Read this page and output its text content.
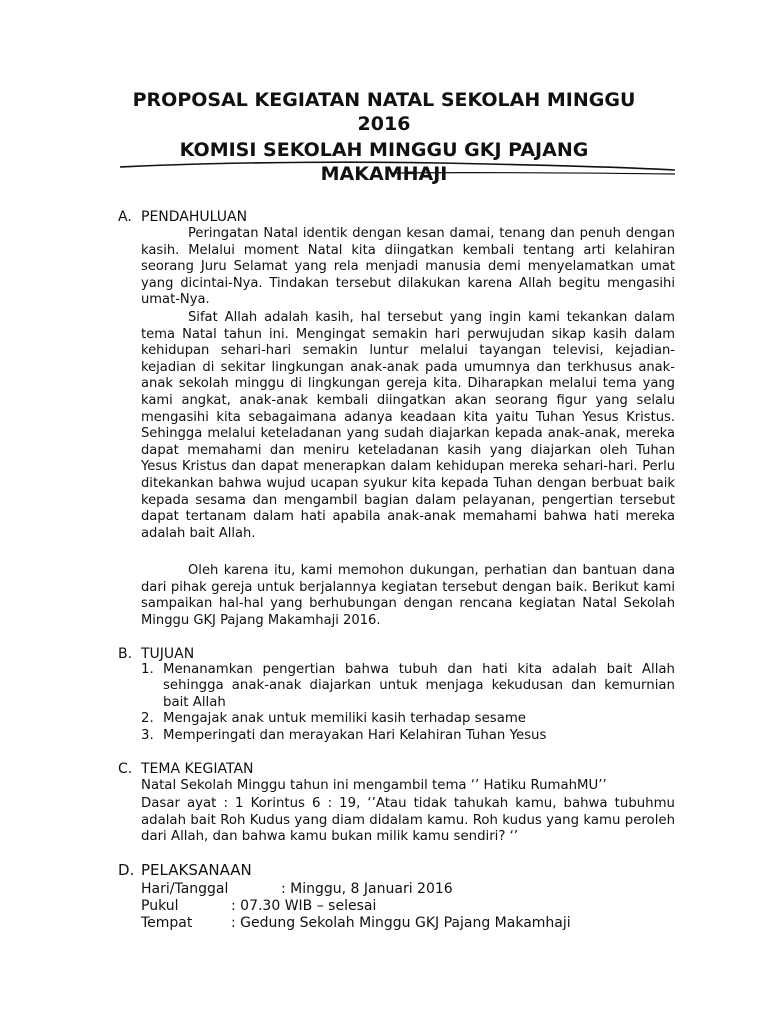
PROPOSAL KEGIATAN NATAL SEKOLAH MINGGU
2016
KOMISI SEKOLAH MINGGU GKJ PAJANG
MAKAMHAJI
A. PENDAHULUAN

Peringatan Natal identik dengan kesan damai, tenang dan penuh dengan kasih. Melalui moment Natal kita diingatkan kembali tentang arti kelahiran seorang Juru Selamat yang rela menjadi manusia demi menyelamatkan umat yang dicintai-Nya. Tindakan tersebut dilakukan karena Allah begitu mengasihi umat-Nya.

Sifat Allah adalah kasih, hal tersebut yang ingin kami tekankan dalam tema Natal tahun ini. Mengingat semakin hari perwujudan sikap kasih dalam kehidupan sehari-hari semakin luntur melalui tayangan televisi, kejadian-kejadian di sekitar lingkungan anak-anak pada umumnya dan terkhusus anak-anak sekolah minggu di lingkungan gereja kita. Diharapkan melalui tema yang kami angkat, anak-anak kembali diingatkan akan seorang figur yang selalu mengasihi kita sebagaimana adanya keadaan kita yaitu Tuhan Yesus Kristus. Sehingga melalui keteladanan yang sudah diajarkan kepada anak-anak, mereka dapat memahami dan meniru keteladanan kasih yang diajarkan oleh Tuhan Yesus Kristus dan dapat menerapkan dalam kehidupan mereka sehari-hari. Perlu ditekankan bahwa wujud ucapan syukur kita kepada Tuhan dengan berbuat baik kepada sesama dan mengambil bagian dalam pelayanan, pengertian tersebut dapat tertanam dalam hati apabila anak-anak memahami bahwa hati mereka adalah bait Allah.

Oleh karena itu, kami memohon dukungan, perhatian dan bantuan dana dari pihak gereja untuk berjalannya kegiatan tersebut dengan baik. Berikut kami sampaikan hal-hal yang berhubungan dengan rencana kegiatan Natal Sekolah Minggu GKJ Pajang Makamhaji 2016.

B. TUJUAN
1. Menanamkan pengertian bahwa tubuh dan hati kita adalah bait Allah sehingga anak-anak diajarkan untuk menjaga kekudusan dan kemurnian bait Allah
2. Mengajak anak untuk memiliki kasih terhadap sesame
3. Memperingati dan merayakan Hari Kelahiran Tuhan Yesus
C. TEMA KEGIATAN

Natal Sekolah Minggu tahun ini mengambil tema ‘’ Hatiku RumahMU’’

Dasar ayat : 1 Korintus 6 : 19, ‘’Atau tidak tahukah kamu, bahwa tubuhmu adalah bait Roh Kudus yang diam didalam kamu. Roh kudus yang kamu peroleh dari Allah, dan bahwa kamu bukan milik kamu sendiri? ‘’

D. PELAKSANAAN
Hari/Tanggal	: Minggu, 8 Januari 2016
Pukul	: 07.30 WIB – selesai
Tempat	: Gedung Sekolah Minggu GKJ Pajang Makamhaji
